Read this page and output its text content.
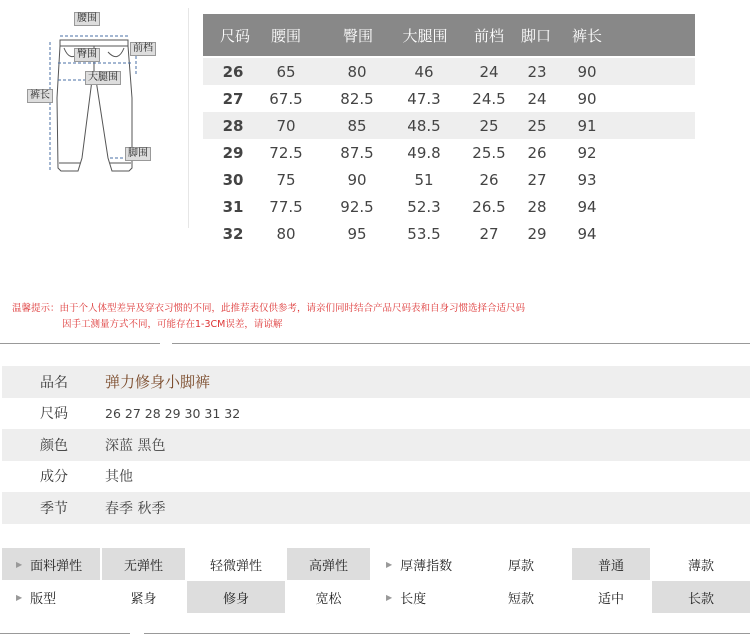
腰围
前档
臀围
大腿围
裤长
脚围
尺码	腰围	臀围	大腿围	前档	脚口	裤长
26	65	80	46	24	23	90
27	67.5	82.5	47.3	24.5	24	90
28	70	85	48.5	25	25	91
29	72.5	87.5	49.8	25.5	26	92
30	75	90	51	26	27	93
31	77.5	92.5	52.3	26.5	28	94
32	80	95	53.5	27	29	94
温馨提示：由于个人体型差异及穿衣习惯的不同，此推荐表仅供参考，请亲们同时结合产品尺码表和自身习惯选择合适尺码
因手工测量方式不同，可能存在1-3CM误差，请谅解
品名	弹力修身小脚裤
尺码	26 27 28 29 30 31 32
颜色	深蓝 黑色
成分	其他
季节	春季 秋季
▶ 面料弹性	无弹性	轻微弹性	高弹性	▶ 厚薄指数	厚款	普通	薄款
▶ 版型	紧身	修身	宽松	▶ 长度	短款	适中	长款
